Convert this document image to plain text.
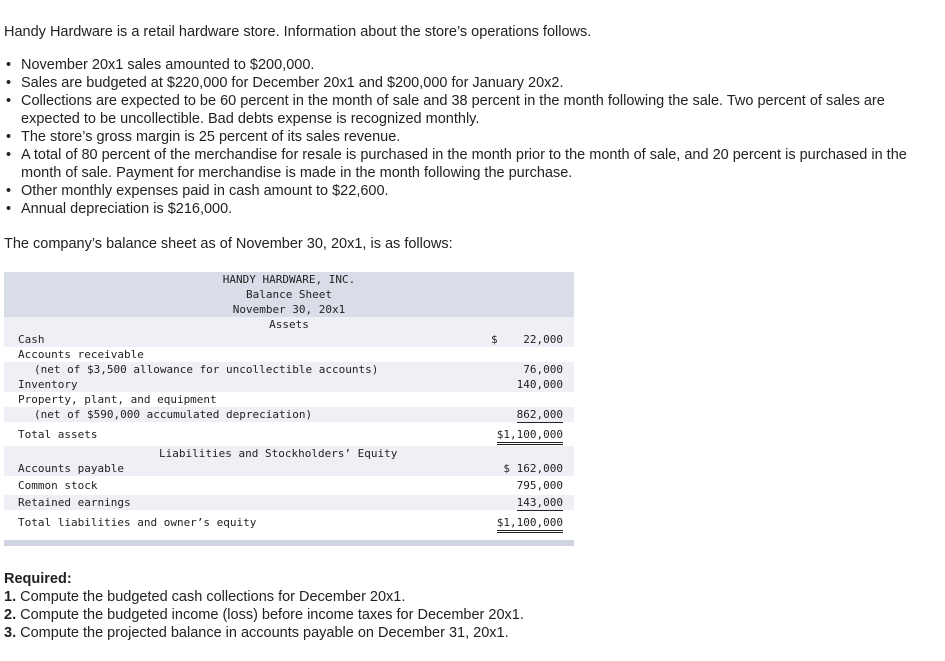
Handy Hardware is a retail hardware store. Information about the store’s operations follows.
• November 20x1 sales amounted to $200,000.
• Sales are budgeted at $220,000 for December 20x1 and $200,000 for January 20x2.
• Collections are expected to be 60 percent in the month of sale and 38 percent in the month following the sale. Two percent of sales are expected to be uncollectible. Bad debts expense is recognized monthly.
• The store’s gross margin is 25 percent of its sales revenue.
• A total of 80 percent of the merchandise for resale is purchased in the month prior to the month of sale, and 20 percent is purchased in the month of sale. Payment for merchandise is made in the month following the purchase.
• Other monthly expenses paid in cash amount to $22,600.
• Annual depreciation is $216,000.
The company’s balance sheet as of November 30, 20x1, is as follows:
HANDY HARDWARE, INC.
Balance Sheet
November 30, 20x1
Assets
Cash	$ 22,000
Accounts receivable
(net of $3,500 allowance for uncollectible accounts)	76,000
Inventory	140,000
Property, plant, and equipment
(net of $590,000 accumulated depreciation)	862,000
Total assets	$1,100,000
Liabilities and Stockholders’ Equity
Accounts payable	$ 162,000
Common stock	795,000
Retained earnings	143,000
Total liabilities and owner’s equity	$1,100,000
Required:
1. Compute the budgeted cash collections for December 20x1.
2. Compute the budgeted income (loss) before income taxes for December 20x1.
3. Compute the projected balance in accounts payable on December 31, 20x1.
